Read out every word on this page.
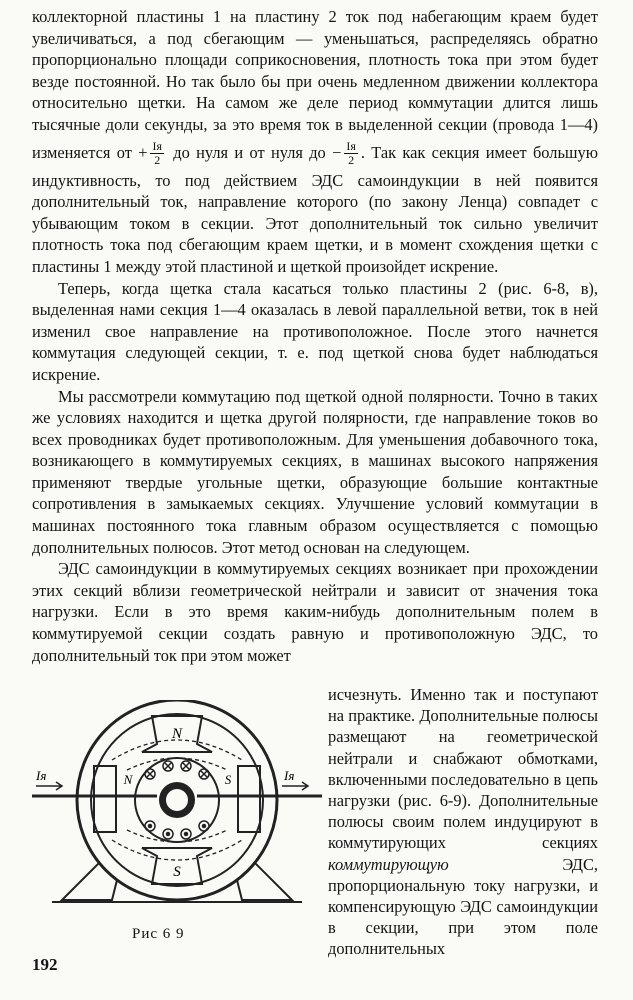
коллекторной пластины 1 на пластину 2 ток под набегающим краем будет увеличиваться, а под сбегающим — уменьшаться, распределяясь обратно пропорционально площади соприкосновения, плотность тока при этом будет везде постоянной. Но так было бы при очень медленном движении коллектора относительно щетки. На самом же деле период коммутации длится лишь тысячные доли секунды, за это время ток в выделенной секции (провода 1—4) изменяется от + $\frac{Iя}{2}$ до нуля и от нуля до − $\frac{Iя}{2}$ . Так как секция имеет большую индуктивность, то под действием ЭДС самоиндукции в ней появится дополнительный ток, направление которого (по закону Ленца) совпадет с убывающим током в секции. Этот дополнительный ток сильно увеличит плотность тока под сбегающим краем щетки, и в момент схождения щетки с пластины 1 между этой пластиной и щеткой произойдет искрение.

Теперь, когда щетка стала касаться только пластины 2 (рис. 6-8, в), выделенная нами секция 1—4 оказалась в левой параллельной ветви, ток в ней изменил свое направление на противоположное. После этого начнется коммутация следующей секции, т. е. под щеткой снова будет наблюдаться искрение.

Мы рассмотрели коммутацию под щеткой одной полярности. Точно в таких же условиях находится и щетка другой полярности, где направление токов во всех проводниках будет противоположным. Для уменьшения добавочного тока, возникающего в коммутируемых секциях, в машинах высокого напряжения применяют твердые угольные щетки, образующие большие контактные сопротивления в замыкаемых секциях. Улучшение условий коммутации в машинах постоянного тока главным образом осуществляется с помощью дополнительных полюсов. Этот метод основан на следующем.

ЭДС самоиндукции в коммутируемых секциях возникает при прохождении этих секций вблизи геометрической нейтрали и зависит от значения тока нагрузки. Если в это время каким-нибудь дополнительным полем в коммутируемой секции создать равную и противоположную ЭДС, то дополнительный ток при этом может

исчезнуть. Именно так и поступают на практике. Дополнительные полюсы размещают на геометрической нейтрали и снабжают обмотками, включенными последовательно в цепь нагрузки (рис. 6-9). Дополнительные полюсы своим полем индуцируют в коммутирующих секциях коммутирующую	ЭДС, пропорциональную току нагрузки, и компенсирующую ЭДС самоиндукции в секции, при этом поле дополнительных

N
S
N	S
Iя	Iя
Рис 6 9
192
